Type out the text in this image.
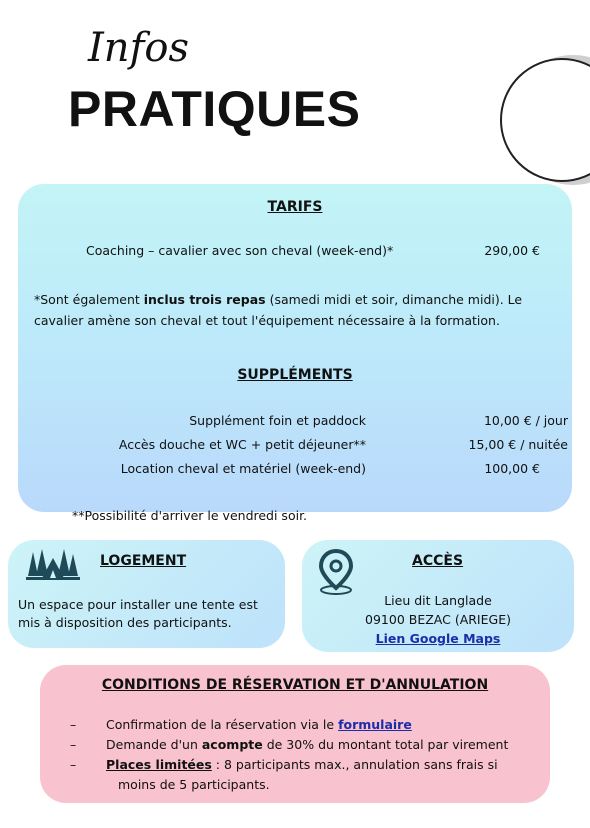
Infos
PRATIQUES
TARIFS
Coaching – cavalier avec son cheval (week-end)*	290,00 €
*Sont également inclus trois repas (samedi midi et soir, dimanche midi). Le
cavalier amène son cheval et tout l'équipement nécessaire à la formation.
SUPPLÉMENTS
Supplément foin et paddock	10,00 € / jour
Accès douche et WC + petit déjeuner**	15,00 € / nuitée
Location cheval et matériel (week-end)	100,00 €
**Possibilité d'arriver le vendredi soir.
LOGEMENT
Un espace pour installer une tente est
mis à disposition des participants.
ACCÈS
Lieu dit Langlade
09100 BEZAC (ARIEGE)
Lien Google Maps
CONDITIONS DE RÉSERVATION ET D'ANNULATION
– Confirmation de la réservation via le formulaire
– Demande d'un acompte de 30% du montant total par virement
– Places limitées : 8 participants max., annulation sans frais si
moins de 5 participants.
